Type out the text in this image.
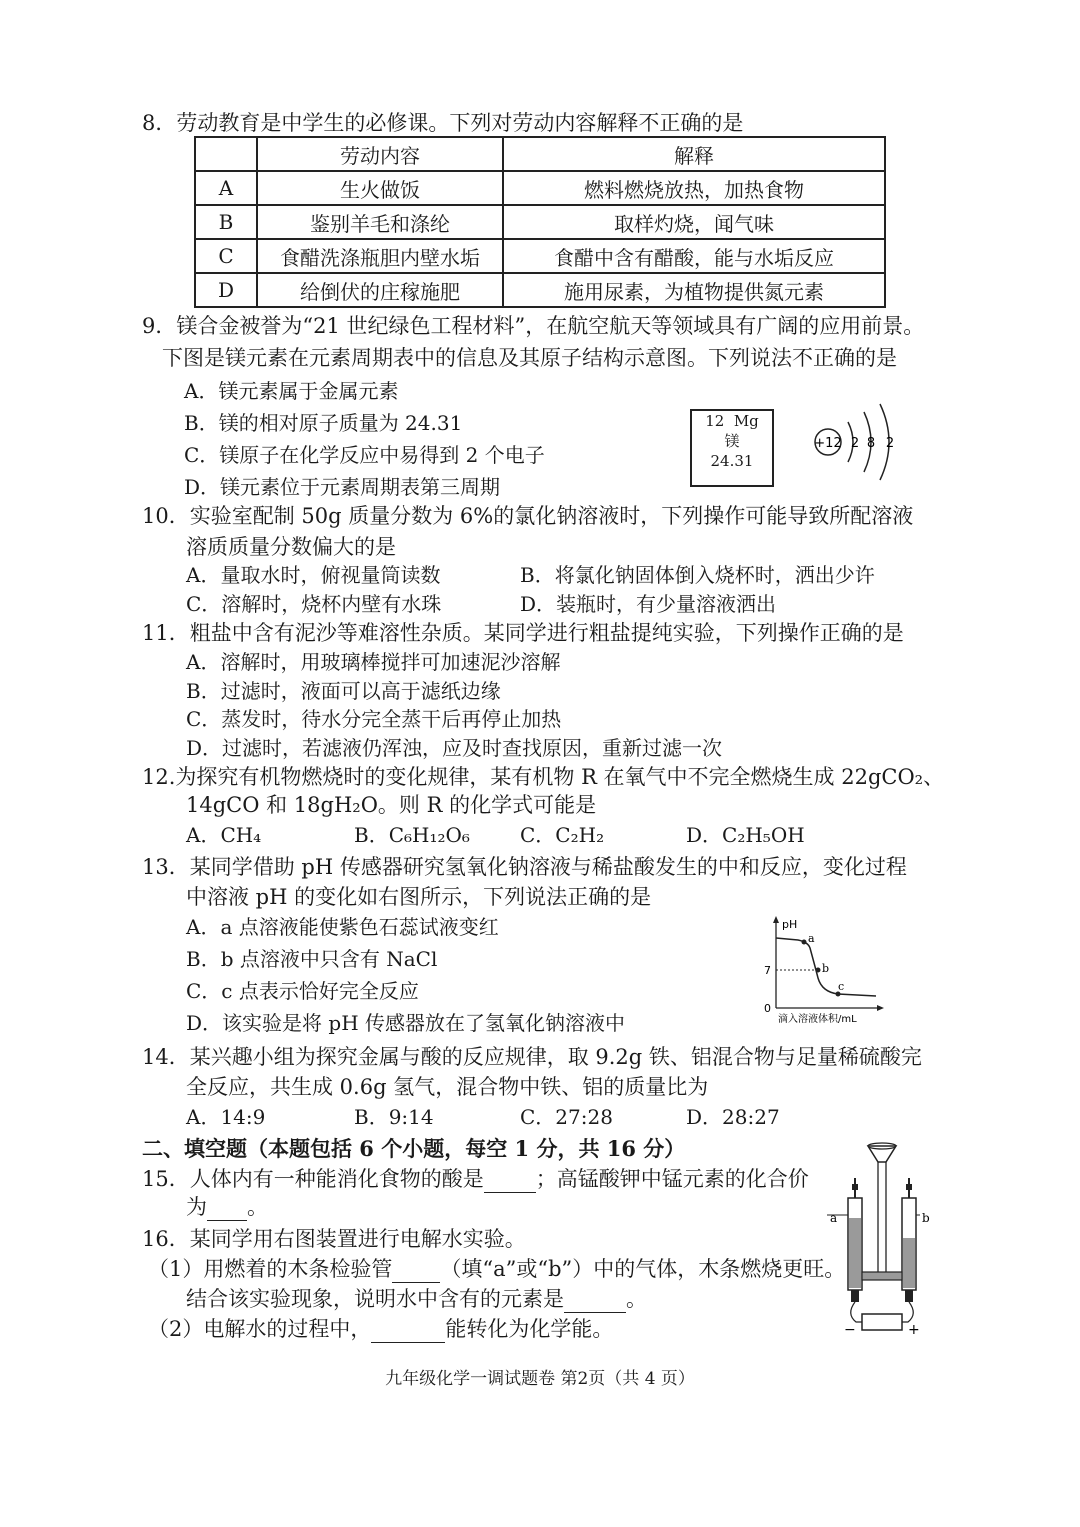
8．劳动教育是中学生的必修课。下列对劳动内容解释不正确的是
	劳动内容	解释
A	生火做饭	燃料燃烧放热，加热食物
B	鉴别羊毛和涤纶	取样灼烧，闻气味
C	食醋洗涤瓶胆内壁水垢	食醋中含有醋酸，能与水垢反应
D	给倒伏的庄稼施肥	施用尿素，为植物提供氮元素
9．镁合金被誉为“21 世纪绿色工程材料”，在航空航天等领域具有广阔的应用前景。
下图是镁元素在元素周期表中的信息及其原子结构示意图。下列说法不正确的是
A．镁元素属于金属元素
B．镁的相对原子质量为 24.31
C．镁原子在化学反应中易得到 2 个电子
D．镁元素位于元素周期表第三周期
12 Mg
镁
24.31
+12 2 8 2
10．实验室配制 50g 质量分数为 6%的氯化钠溶液时，下列操作可能导致所配溶液
溶质质量分数偏大的是
A．量取水时，俯视量筒读数	B．将氯化钠固体倒入烧杯时，洒出少许
C．溶解时，烧杯内壁有水珠	D．装瓶时，有少量溶液洒出
11．粗盐中含有泥沙等难溶性杂质。某同学进行粗盐提纯实验，下列操作正确的是
A．溶解时，用玻璃棒搅拌可加速泥沙溶解
B．过滤时，液面可以高于滤纸边缘
C．蒸发时，待水分完全蒸干后再停止加热
D．过滤时，若滤液仍浑浊，应及时查找原因，重新过滤一次
12.为探究有机物燃烧时的变化规律，某有机物 R 在氧气中不完全燃烧生成 22gCO₂、
14gCO 和 18gH₂O。则 R 的化学式可能是
A．CH₄	B．C₆H₁₂O₆	C．C₂H₂	D．C₂H₅OH
13．某同学借助 pH 传感器研究氢氧化钠溶液与稀盐酸发生的中和反应，变化过程
中溶液 pH 的变化如右图所示，下列说法正确的是
A．a 点溶液能使紫色石蕊试液变红
B．b 点溶液中只含有 NaCl
C．c 点表示恰好完全反应
D．该实验是将 pH 传感器放在了氢氧化钠溶液中
pH
7
0
滴入溶液体积/mL
a
b
c
14．某兴趣小组为探究金属与酸的反应规律，取 9.2g 铁、铝混合物与足量稀硫酸完
全反应，共生成 0.6g 氢气，混合物中铁、铝的质量比为
A．14:9	B．9:14	C．27:28	D．28:27
二、填空题（本题包括 6 个小题，每空 1 分，共 16 分）
15．人体内有一种能消化食物的酸是 ；高锰酸钾中锰元素的化合价
为 。
16．某同学用右图装置进行电解水实验。
（1）用燃着的木条检验管 （填“a”或“b”）中的气体，木条燃烧更旺。
结合该实验现象，说明水中含有的元素是	。
（2）电解水的过程中，	能转化为化学能。
a	b
−	+
九年级化学一调试题卷 第2页（共 4 页）
